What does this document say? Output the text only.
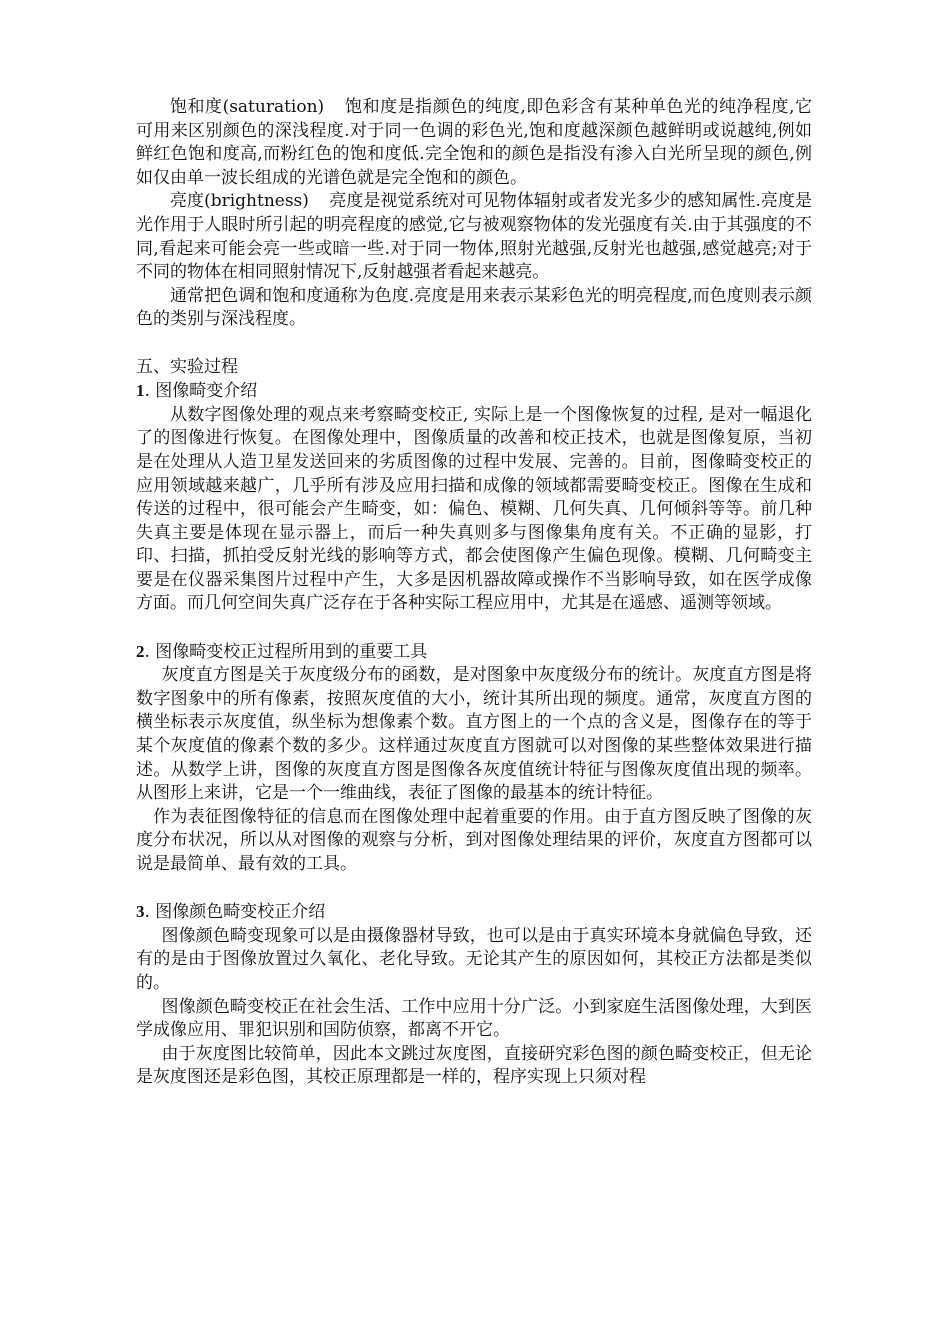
饱和度(saturation) 饱和度是指颜色的纯度,即色彩含有某种单色光的纯净程度,它可用来区别颜色的深浅程度.对于同一色调的彩色光,饱和度越深颜色越鲜明或说越纯,例如鲜红色饱和度高,而粉红色的饱和度低.完全饱和的颜色是指没有渗入白光所呈现的颜色,例如仅由单一波长组成的光谱色就是完全饱和的颜色。

亮度(brightness) 亮度是视觉系统对可见物体辐射或者发光多少的感知属性.亮度是光作用于人眼时所引起的明亮程度的感觉,它与被观察物体的发光强度有关.由于其强度的不同,看起来可能会亮一些或暗一些.对于同一物体,照射光越强,反射光也越强,感觉越亮;对于不同的物体在相同照射情况下,反射越强者看起来越亮。

通常把色调和饱和度通称为色度.亮度是用来表示某彩色光的明亮程度,而色度则表示颜色的类别与深浅程度。

五、实验过程

1. 图像畸变介绍

从数字图像处理的观点来考察畸变校正, 实际上是一个图像恢复的过程, 是对一幅退化了的图像进行恢复。在图像处理中，图像质量的改善和校正技术，也就是图像复原，当初是在处理从人造卫星发送回来的劣质图像的过程中发展、完善的。目前，图像畸变校正的应用领域越来越广，几乎所有涉及应用扫描和成像的领域都需要畸变校正。图像在生成和传送的过程中，很可能会产生畸变，如：偏色、模糊、几何失真、几何倾斜等等。前几种失真主要是体现在显示器上，而后一种失真则多与图像集角度有关。不正确的显影，打印、扫描，抓拍受反射光线的影响等方式，都会使图像产生偏色现像。模糊、几何畸变主要是在仪器采集图片过程中产生，大多是因机器故障或操作不当影响导致，如在医学成像方面。而几何空间失真广泛存在于各种实际工程应用中，尤其是在遥感、遥测等领域。

2. 图像畸变校正过程所用到的重要工具

灰度直方图是关于灰度级分布的函数，是对图象中灰度级分布的统计。灰度直方图是将数字图象中的所有像素，按照灰度值的大小，统计其所出现的频度。通常，灰度直方图的横坐标表示灰度值，纵坐标为想像素个数。直方图上的一个点的含义是，图像存在的等于某个灰度值的像素个数的多少。这样通过灰度直方图就可以对图像的某些整体效果进行描述。从数学上讲，图像的灰度直方图是图像各灰度值统计特征与图像灰度值出现的频率。从图形上来讲，它是一个一维曲线，表征了图像的最基本的统计特征。

作为表征图像特征的信息而在图像处理中起着重要的作用。由于直方图反映了图像的灰度分布状况，所以从对图像的观察与分析，到对图像处理结果的评价，灰度直方图都可以说是最简单、最有效的工具。

3. 图像颜色畸变校正介绍

图像颜色畸变现象可以是由摄像器材导致，也可以是由于真实环境本身就偏色导致，还有的是由于图像放置过久氧化、老化导致。无论其产生的原因如何，其校正方法都是类似的。

图像颜色畸变校正在社会生活、工作中应用十分广泛。小到家庭生活图像处理，大到医学成像应用、罪犯识别和国防侦察，都离不开它。

由于灰度图比较简单，因此本文跳过灰度图，直接研究彩色图的颜色畸变校正，但无论是灰度图还是彩色图，其校正原理都是一样的，程序实现上只须对程
